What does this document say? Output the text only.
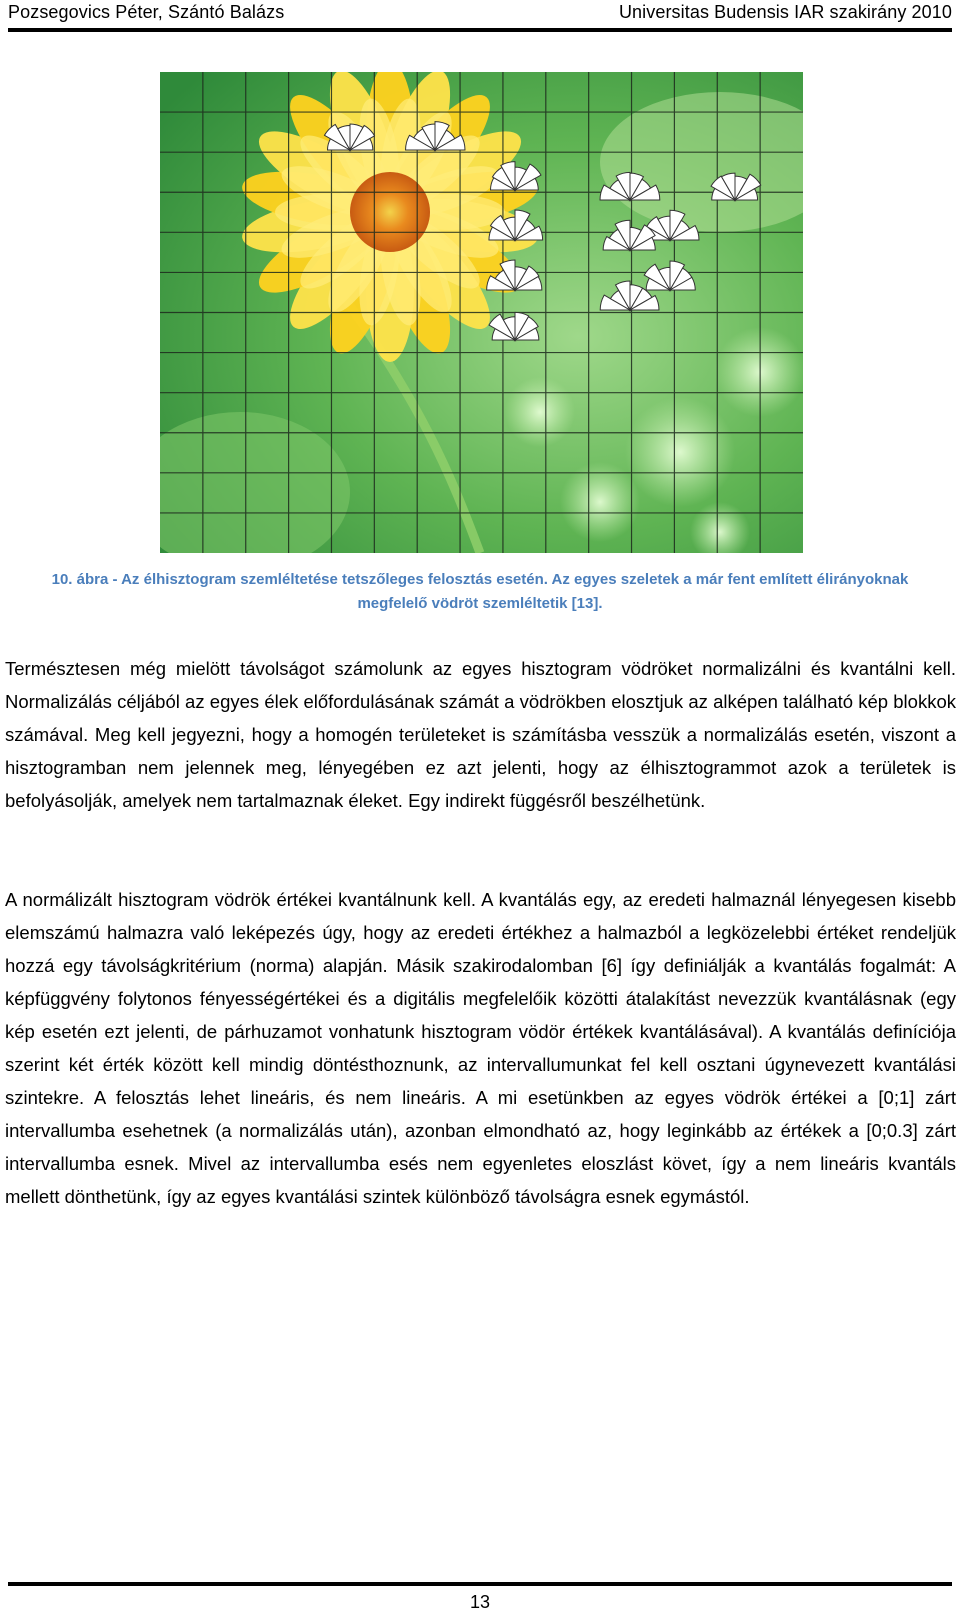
Pozsegovics Péter, Szántó Balázs	Universitas Budensis IAR szakirány 2010
10. ábra - Az élhisztogram szemléltetése tetszőleges felosztás esetén. Az egyes szeletek a már fent említett élirányoknak
megfelelő vödröt szemléltetik [13].

Természtesen még mielött távolságot számolunk az egyes hisztogram vödröket normalizálni és kvantálni kell. Normalizálás céljából az egyes élek előfordulásának számát a vödrökben elosztjuk az alképen található kép blokkok számával. Meg kell jegyezni, hogy a homogén területeket is számításba vesszük a normalizálás esetén, viszont a hisztogramban nem jelennek meg, lényegében ez azt jelenti, hogy az élhisztogrammot azok a területek is befolyásolják, amelyek nem tartalmaznak éleket. Egy indirekt függésről beszélhetünk.

A normálizált hisztogram vödrök értékei kvantálnunk kell. A kvantálás egy, az eredeti halmaznál lényegesen kisebb elemszámú halmazra való leképezés úgy, hogy az eredeti értékhez a halmazból a legközelebbi értéket rendeljük hozzá egy távolságkritérium (norma) alapján. Másik szakirodalomban [6] így definiálják a kvantálás fogalmát: A képfüggvény folytonos fényességértékei és a digitális megfelelőik közötti átalakítást nevezzük kvantálásnak (egy kép esetén ezt jelenti, de párhuzamot vonhatunk hisztogram vödör értékek kvantálásával). A kvantálás definíciója szerint két érték között kell mindig döntésthoznunk, az intervallumunkat fel kell osztani úgynevezett kvantálási szintekre. A felosztás lehet lineáris, és nem lineáris. A mi esetünkben az egyes vödrök értékei a [0;1] zárt intervallumba esehetnek (a normalizálás után), azonban elmondható az, hogy leginkább az értékek a [0;0.3] zárt intervallumba esnek. Mivel az intervallumba esés nem egyenletes eloszlást követ, így a nem lineáris kvantáls mellett dönthetünk, így az egyes kvantálási szintek különböző távolságra esnek egymástól.

13
